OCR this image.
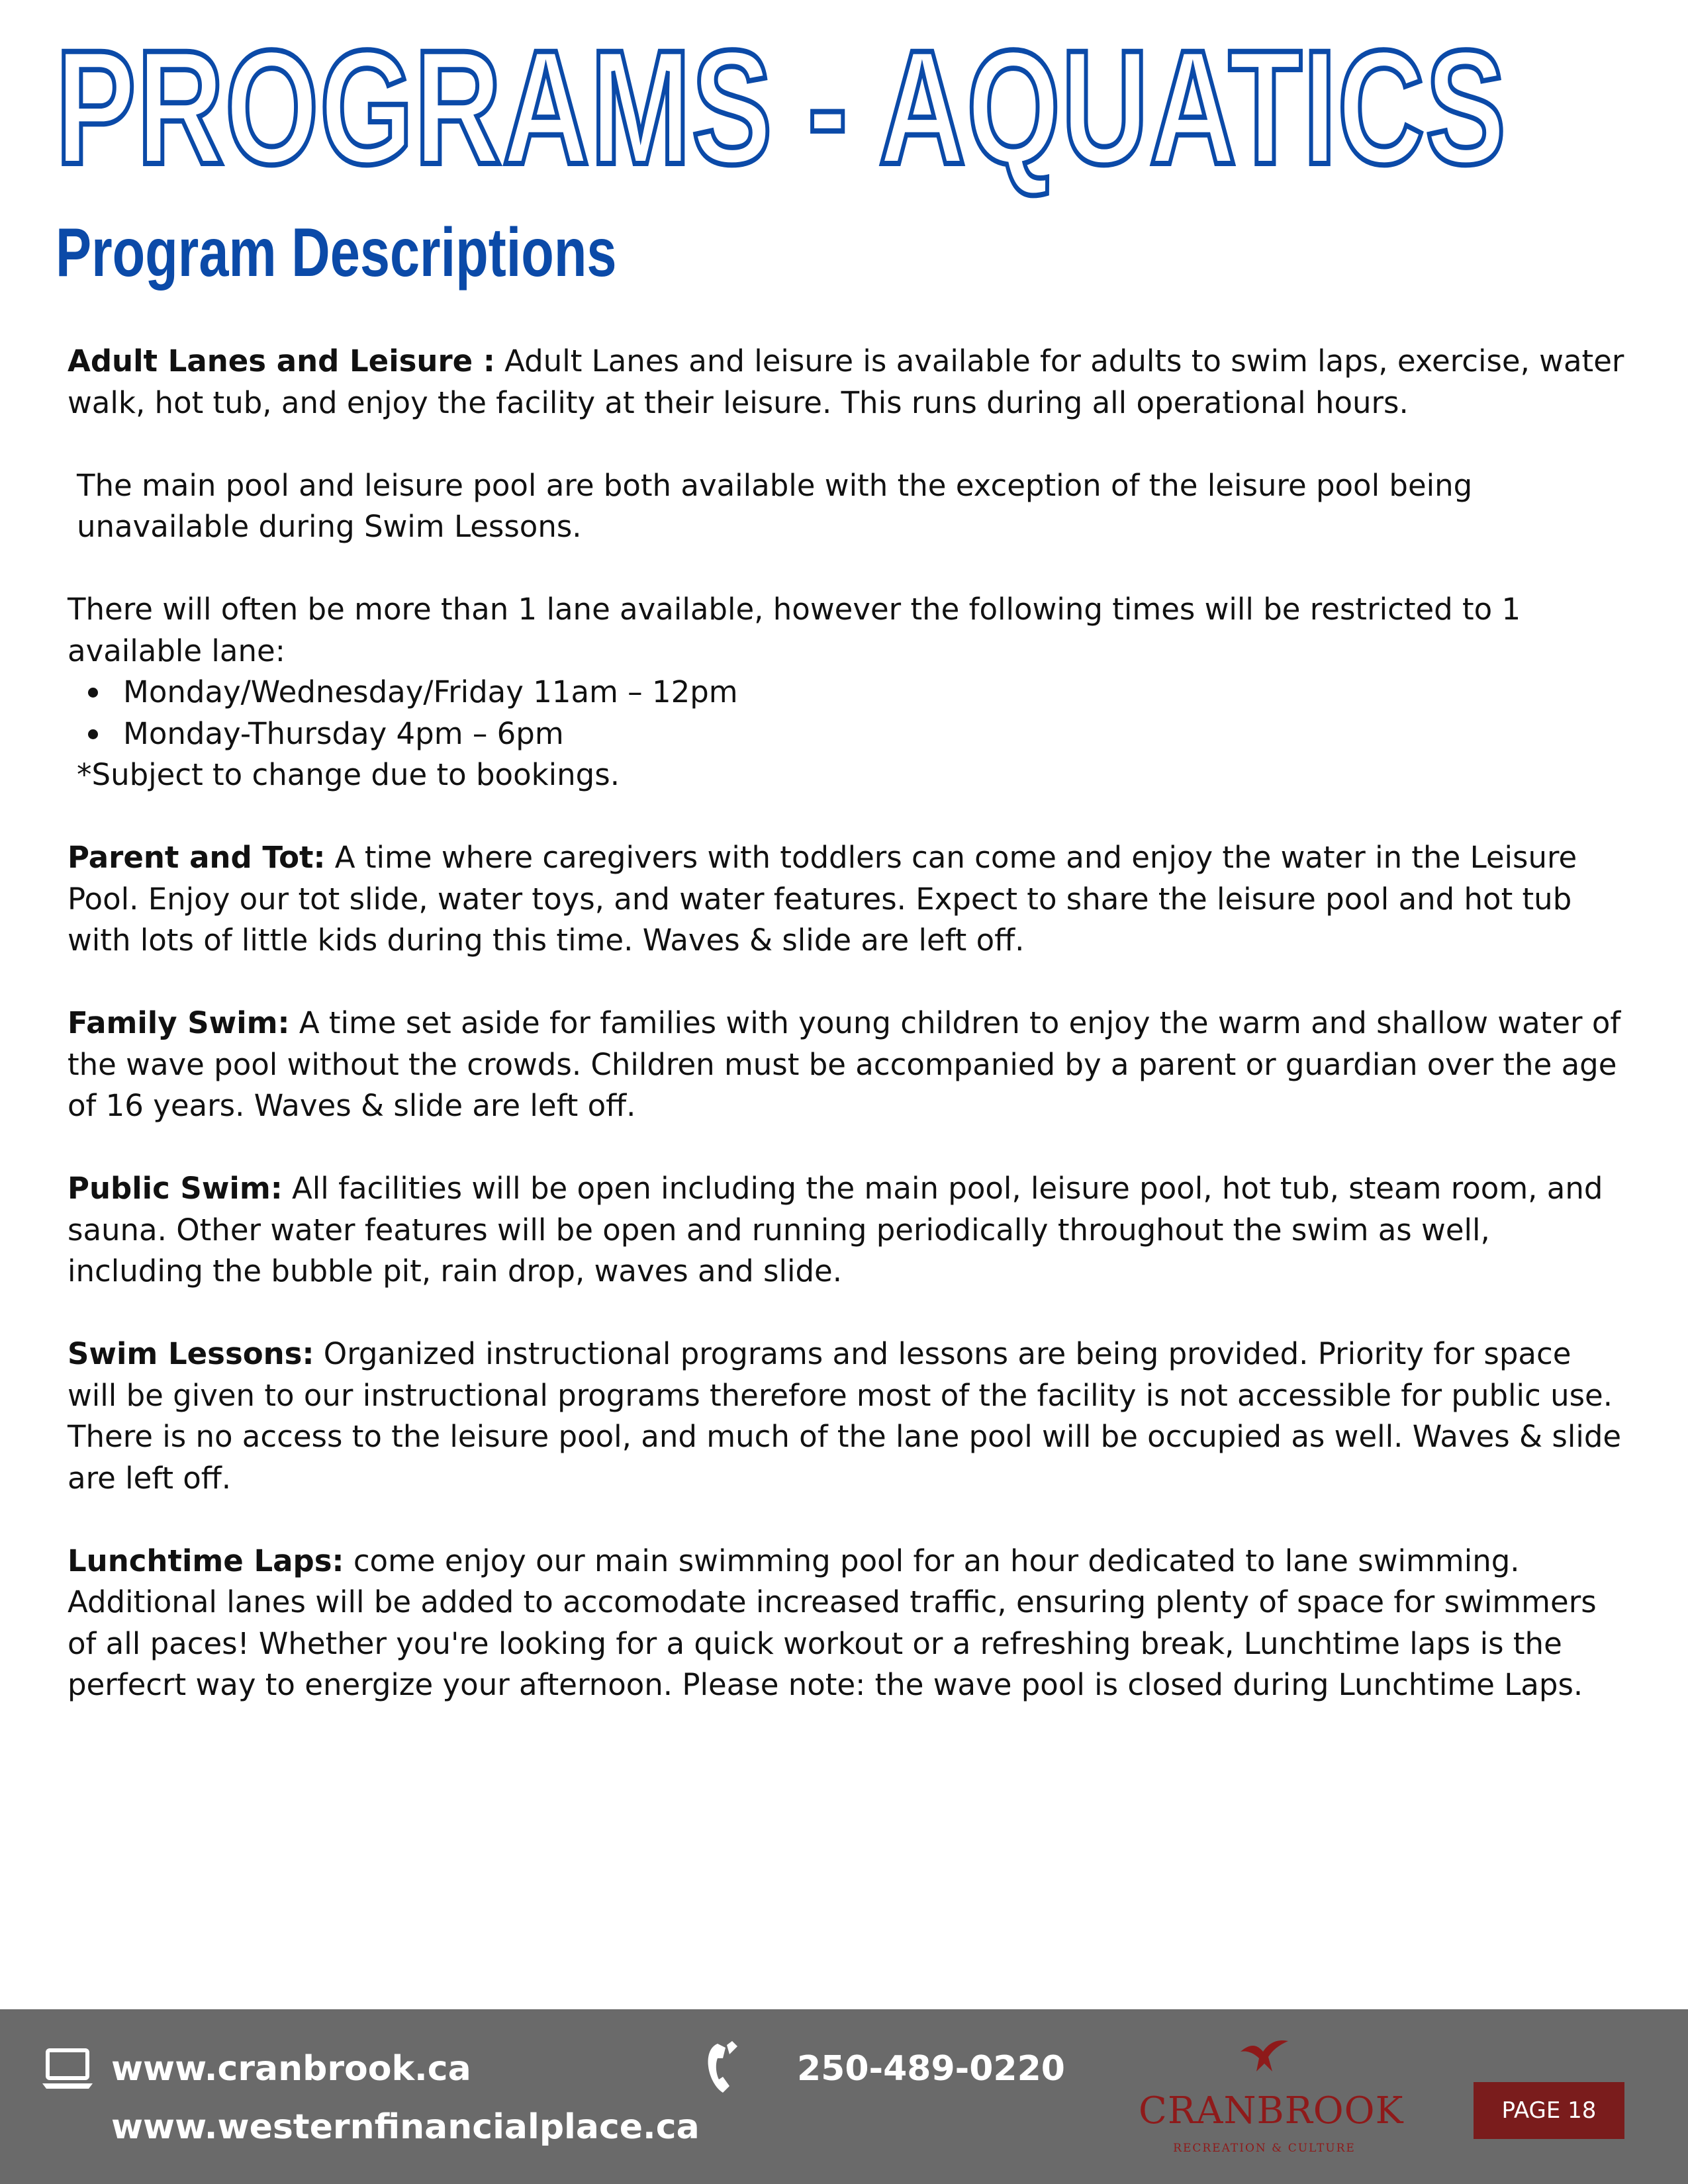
PROGRAMS - AQUATICS
Program Descriptions

Adult Lanes and Leisure : Adult Lanes and leisure is available for adults to swim laps, exercise, water walk, hot tub, and enjoy the facility at their leisure. This runs during all operational hours.

The main pool and leisure pool are both available with the exception of the leisure pool being unavailable during Swim Lessons.

There will often be more than 1 lane available, however the following times will be restricted to 1 available lane:

Monday/Wednesday/Friday 11am – 12pm
Monday-Thursday 4pm – 6pm

*Subject to change due to bookings.

Parent and Tot: A time where caregivers with toddlers can come and enjoy the water in the Leisure Pool. Enjoy our tot slide, water toys, and water features. Expect to share the leisure pool and hot tub with lots of little kids during this time. Waves & slide are left off.

Family Swim: A time set aside for families with young children to enjoy the warm and shallow water of the wave pool without the crowds. Children must be accompanied by a parent or guardian over the age of 16 years. Waves & slide are left off.

Public Swim: All facilities will be open including the main pool, leisure pool, hot tub, steam room, and sauna. Other water features will be open and running periodically throughout the swim as well, including the bubble pit, rain drop, waves and slide.

Swim Lessons: Organized instructional programs and lessons are being provided. Priority for space will be given to our instructional programs therefore most of the facility is not accessible for public use. There is no access to the leisure pool, and much of the lane pool will be occupied as well. Waves & slide are left off.

Lunchtime Laps: come enjoy our main swimming pool for an hour dedicated to lane swimming. Additional lanes will be added to accomodate increased traffic, ensuring plenty of space for swimmers of all paces! Whether you're looking for a quick workout or a refreshing break, Lunchtime laps is the perfecrt way to energize your afternoon. Please note: the wave pool is closed during Lunchtime Laps.

www.cranbrook.ca
www.westernfinancialplace.ca
250-489-0220
CRANBROOK
RECREATION & CULTURE
PAGE 18
